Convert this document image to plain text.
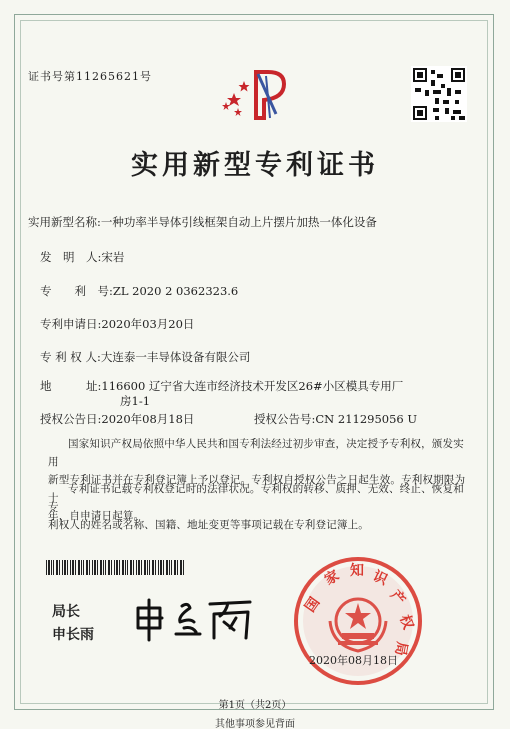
证书号第11265621号
实用新型专利证书
实用新型名称:一种功率半导体引线框架自动上片摆片加热一体化设备
发　明　人:宋岩
专　　利　号:ZL 2020 2 0362323.6
专利申请日:2020年03月20日
专 利 权 人:大连泰一丰导体设备有限公司
地　　　址:116600 辽宁省大连市经济技术开发区26#小区模具专用厂
房1-1
授权公告日:2020年08月18日	授权公告号:CN 211295056 U
国家知识产权局依照中华人民共和国专利法经过初步审查，决定授予专利权，颁发实用
新型专利证书并在专利登记簿上予以登记。专利权自授权公告之日起生效。专利权期限为十
年，自申请日起算。
专利证书记载专利权登记时的法律状况。专利权的转移、质押、无效、终止、恢复和专
利权人的姓名或名称、国籍、地址变更等事项记载在专利登记簿上。
局长
申长雨
国
家 知 识
产
权
局
2020年08月18日
第1页（共2页）
其他事项参见背面
